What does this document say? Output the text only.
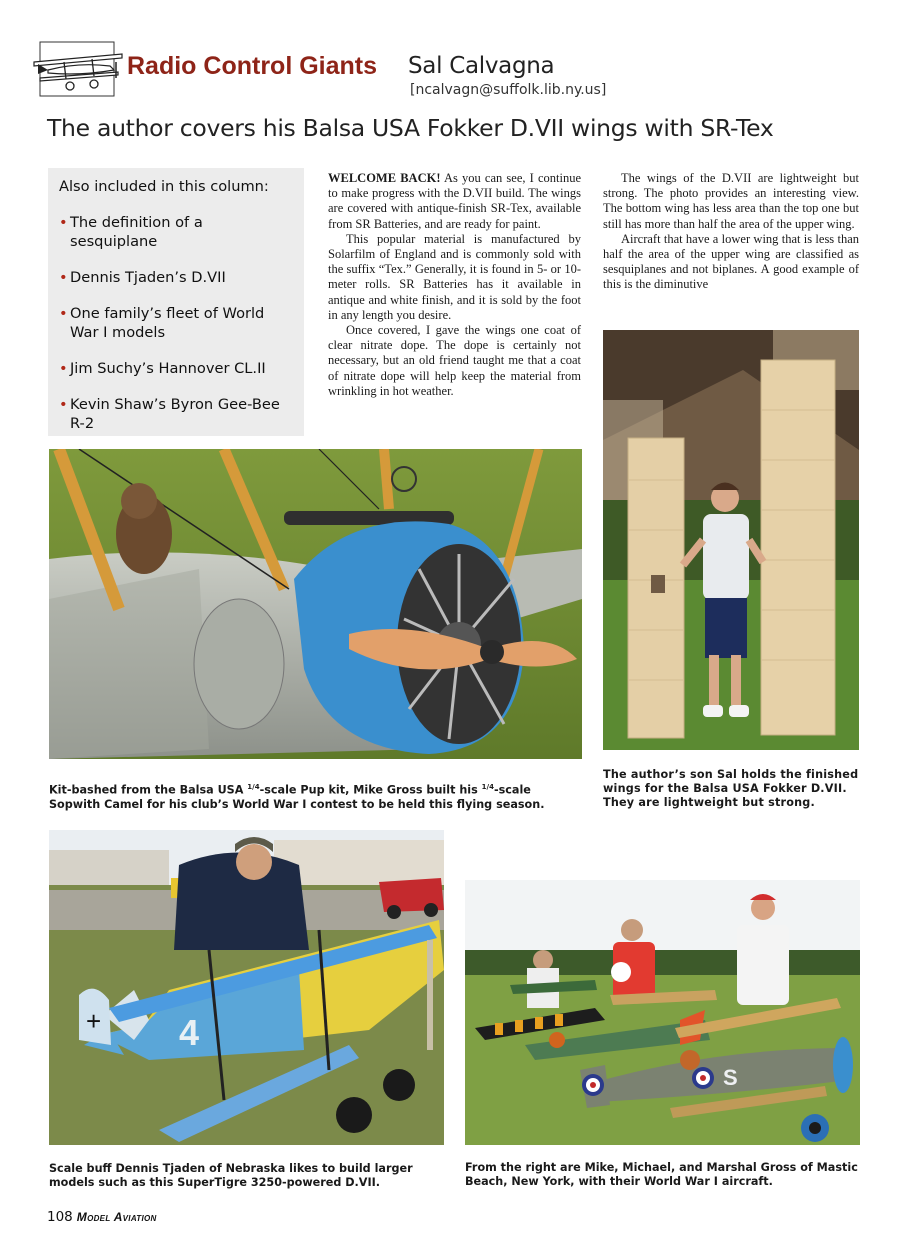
Radio Control Giants Sal Calvagna
[ncalvagn@suffolk.lib.ny.us]
The author covers his Balsa USA Fokker D.VII wings with SR-Tex
Also included in this column:
• The definition of a sesquiplane
• Dennis Tjaden’s D.VII
• One family’s fleet of World War I models
• Jim Suchy’s Hannover CL.II
• Kevin Shaw’s Byron Gee-Bee R-2

WELCOME BACK! As you can see, I continue to make progress with the D.VII build. The wings are covered with antique-finish SR-Tex, available from SR Batteries, and are ready for paint.

This popular material is manufactured by Solarfilm of England and is commonly sold with the suffix “Tex.” Generally, it is found in 5- or 10-meter rolls. SR Batteries has it available in antique and white finish, and it is sold by the foot in any length you desire.

Once covered, I gave the wings one coat of clear nitrate dope. The dope is certainly not necessary, but an old friend taught me that a coat of nitrate dope will help keep the material from wrinkling in hot weather.

The wings of the D.VII are lightweight but strong. The photo provides an interesting view. The bottom wing has less area than the top one but still has more than half the area of the upper wing.

Aircraft that have a lower wing that is less than half the area of the upper wing are classified as sesquiplanes and not biplanes. A good example of this is the diminutive

+ 4
S
Kit-bashed from the Balsa USA $^{1/4}$-scale Pup kit, Mike Gross built his $^{1/4}$-scale Sopwith Camel for his club’s World War I contest to be held this flying season.
The author’s son Sal holds the finished wings for the Balsa USA Fokker D.VII. They are lightweight but strong.
Scale buff Dennis Tjaden of Nebraska likes to build larger models such as this SuperTigre 3250-powered D.VII.
From the right are Mike, Michael, and Marshal Gross of Mastic Beach, New York, with their World War I aircraft.
108 Model Aviation
